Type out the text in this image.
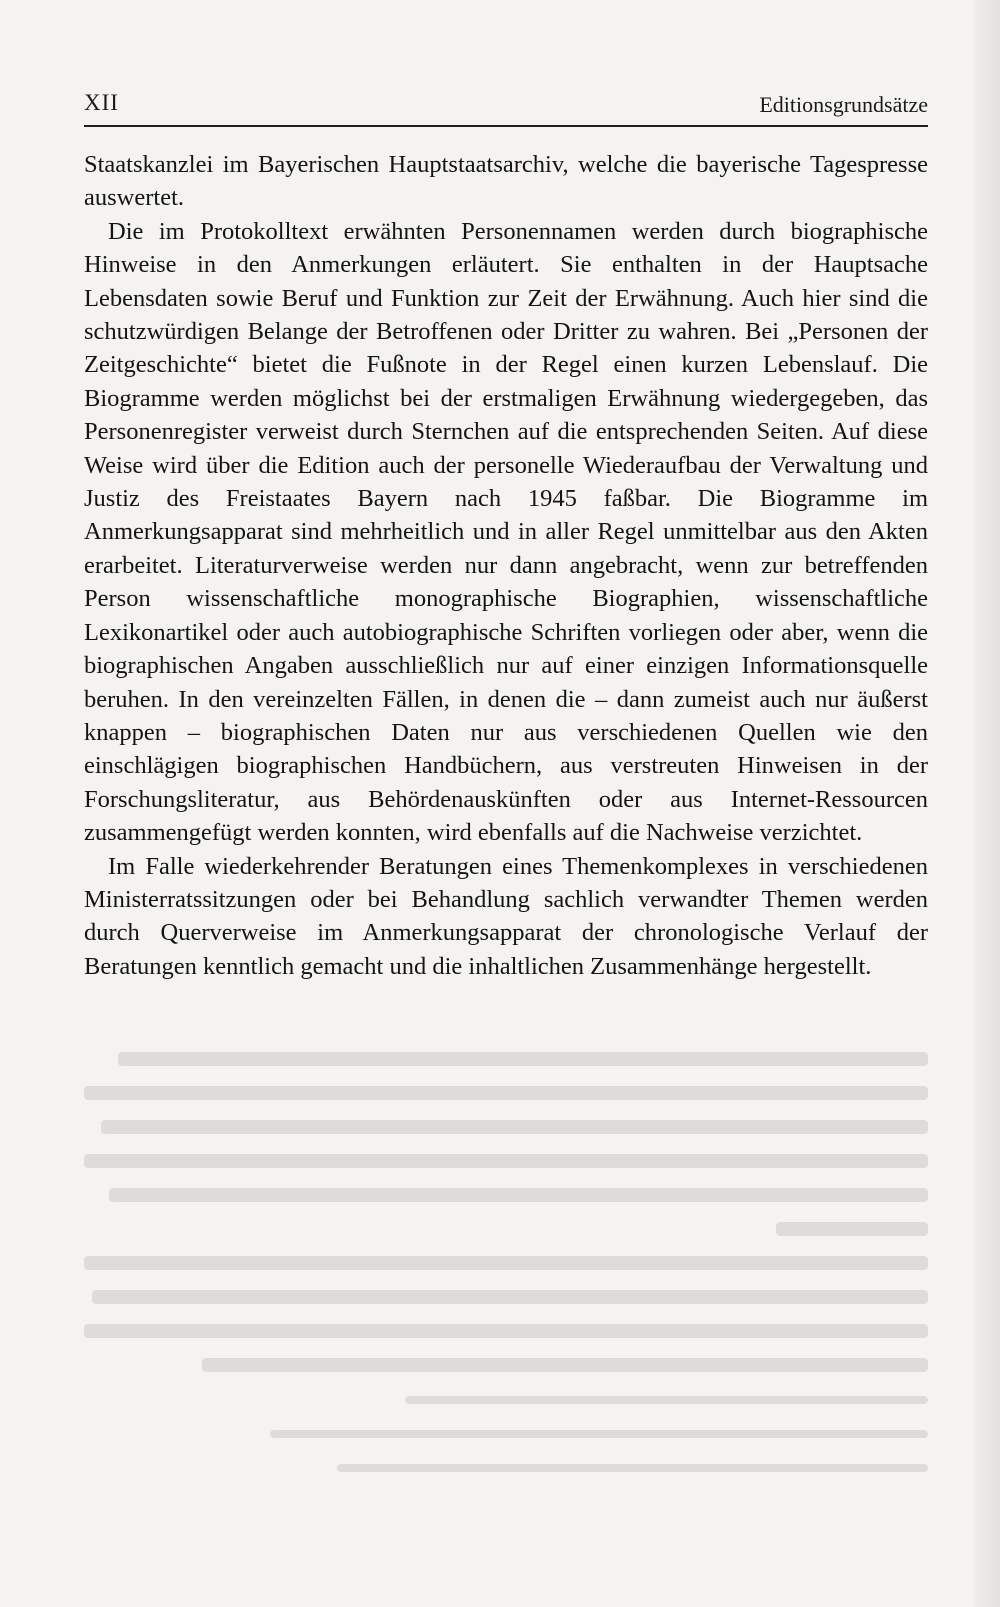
XII	Editionsgrundsätze

Staatskanzlei im Bayerischen Hauptstaatsarchiv, welche die bayerische Tagespresse auswertet.

Die im Protokolltext erwähnten Personennamen werden durch biographische Hinweise in den Anmerkungen erläutert. Sie enthalten in der Hauptsache Lebensdaten sowie Beruf und Funktion zur Zeit der Erwähnung. Auch hier sind die schutzwürdigen Belange der Betroffenen oder Dritter zu wahren. Bei „Personen der Zeitgeschichte“ bietet die Fußnote in der Regel einen kurzen Lebenslauf. Die Biogramme werden möglichst bei der erstmaligen Erwähnung wiedergegeben, das Personenregister verweist durch Sternchen auf die entsprechenden Seiten. Auf diese Weise wird über die Edition auch der personelle Wiederaufbau der Verwaltung und Justiz des Freistaates Bayern nach 1945 faßbar. Die Biogramme im Anmerkungsapparat sind mehrheitlich und in aller Regel unmittelbar aus den Akten erarbeitet. Literaturverweise werden nur dann angebracht, wenn zur betreffenden Person wissenschaftliche monographische Biographien, wissenschaftliche Lexikonartikel oder auch autobiographische Schriften vorliegen oder aber, wenn die biographischen Angaben ausschließlich nur auf einer einzigen Informationsquelle beruhen. In den vereinzelten Fällen, in denen die – dann zumeist auch nur äußerst knappen – biographischen Daten nur aus verschiedenen Quellen wie den einschlägigen biographischen Handbüchern, aus verstreuten Hinweisen in der Forschungsliteratur, aus Behördenauskünften oder aus Internet-Ressourcen zusammengefügt werden konnten, wird ebenfalls auf die Nachweise verzichtet.

Im Falle wiederkehrender Beratungen eines Themenkomplexes in verschiedenen Ministerratssitzungen oder bei Behandlung sachlich verwandter Themen werden durch Querverweise im Anmerkungsapparat der chronologische Verlauf der Beratungen kenntlich gemacht und die inhaltlichen Zusammenhänge hergestellt.
